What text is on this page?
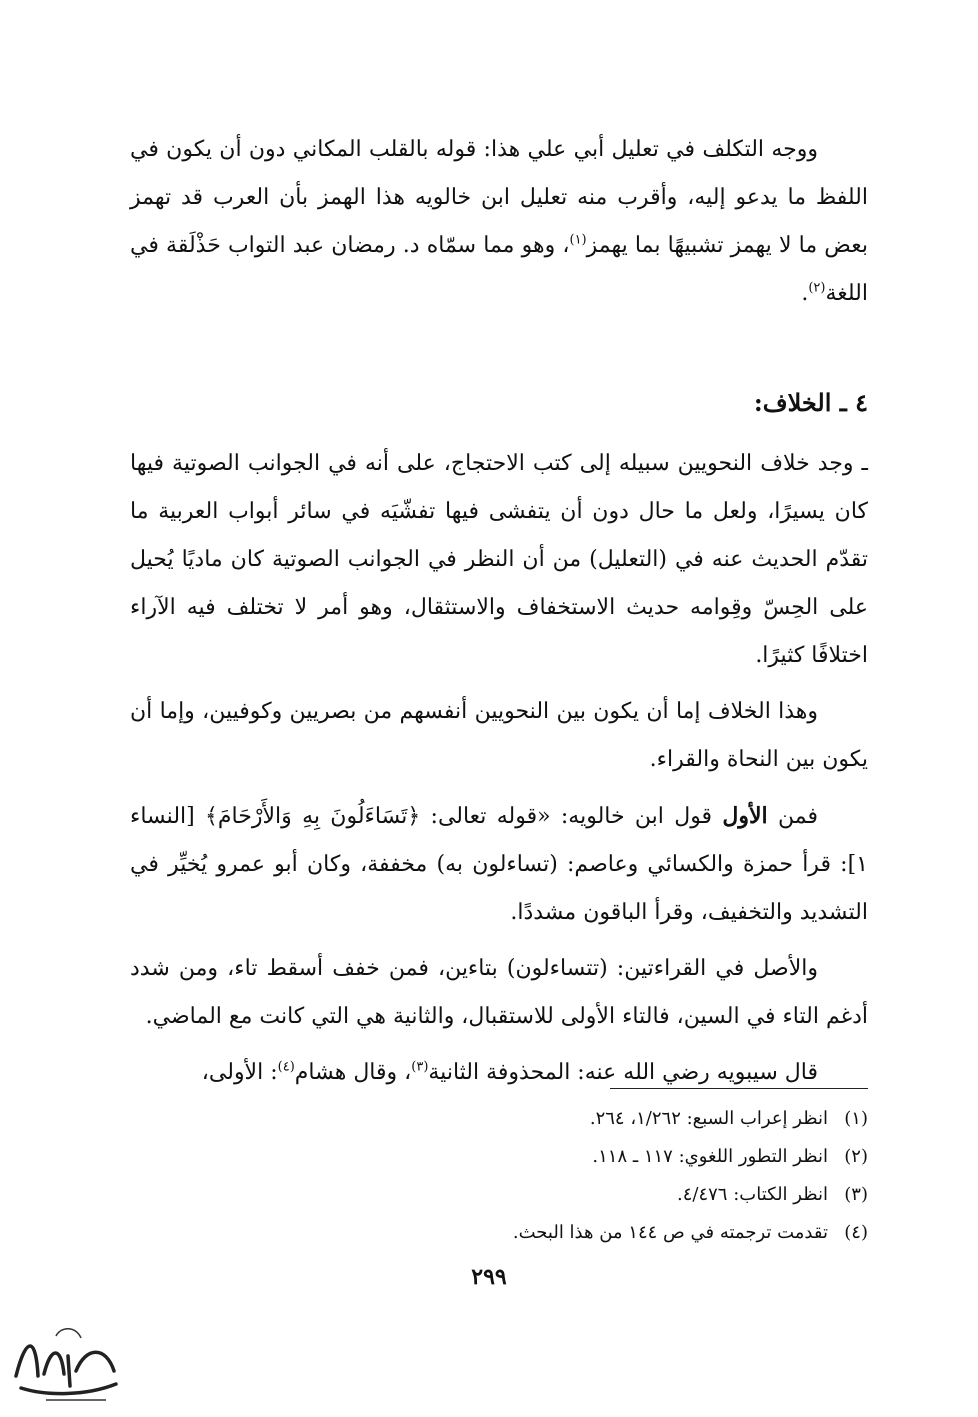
ووجه التكلف في تعليل أبي علي هذا: قوله بالقلب المكاني دون أن يكون في اللفظ ما يدعو إليه، وأقرب منه تعليل ابن خالويه هذا الهمز بأن العرب قد تهمز بعض ما لا يهمز تشبيهًا بما يهمز$^{(١)}$، وهو مما سمّاه د. رمضان عبد التواب حَذْلَقة في اللغة$^{(٢)}$.

٤ ـ الخلاف:

ـ وجد خلاف النحويين سبيله إلى كتب الاحتجاج، على أنه في الجوانب الصوتية فيها كان يسيرًا، ولعل ما حال دون أن يتفشى فيها تفشّيَه في سائر أبواب العربية ما تقدّم الحديث عنه في (التعليل) من أن النظر في الجوانب الصوتية كان ماديًا يُحيل على الحِسّ وقِوامه حديث الاستخفاف والاستثقال، وهو أمر لا تختلف فيه الآراء اختلافًا كثيرًا.

وهذا الخلاف إما أن يكون بين النحويين أنفسهم من بصريين وكوفيين، وإما أن يكون بين النحاة والقراء.

فمن الأول قول ابن خالويه: «قوله تعالى: ﴿تَسَاءَلُونَ بِهِ وَالأَرْحَامَ﴾ [النساء ١]: قرأ حمزة والكسائي وعاصم: (تساءلون به) مخففة، وكان أبو عمرو يُخيِّر في التشديد والتخفيف، وقرأ الباقون مشددًا.

والأصل في القراءتين: (تتساءلون) بتاءين، فمن خفف أسقط تاء، ومن شدد أدغم التاء في السين، فالتاء الأولى للاستقبال، والثانية هي التي كانت مع الماضي.

قال سيبويه رضي الله عنه: المحذوفة الثانية$^{(٣)}$، وقال هشام$^{(٤)}$: الأولى،

(١)
انظر إعراب السبع: ١/٢٦٢، ٢٦٤.
(٢)
انظر التطور اللغوي: ١١٧ ـ ١١٨.
(٣)
انظر الكتاب: ٤/٤٧٦.
(٤)
تقدمت ترجمته في ص ١٤٤ من هذا البحث.
٢٩٩
